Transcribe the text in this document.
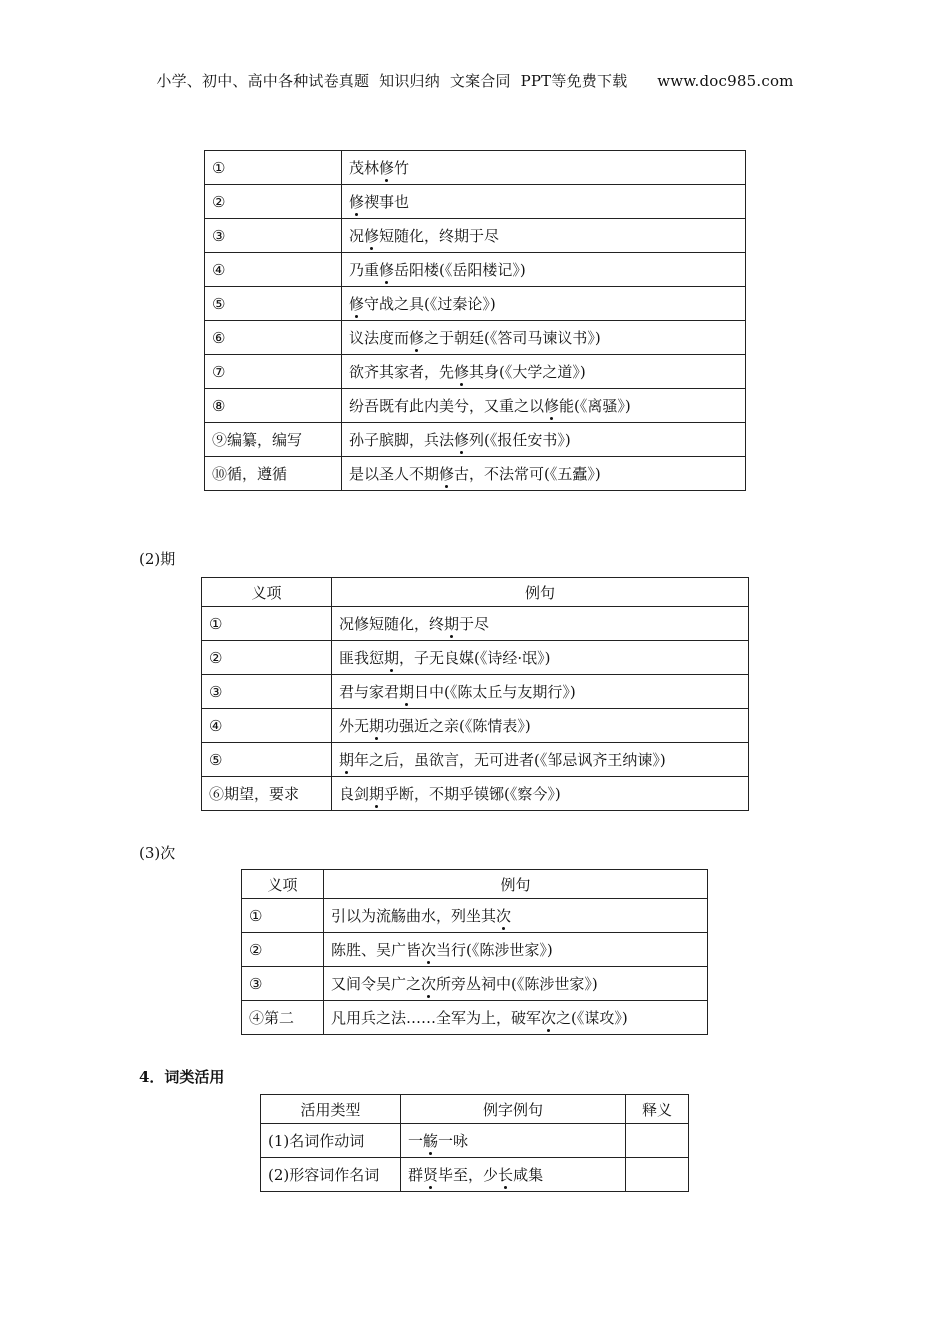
小学、初中、高中各种试卷真题  知识归纳  文案合同  PPT等免费下载      www.doc985.com
①	茂林修竹
②	修禊事也
③	况修短随化，终期于尽
④	乃重修岳阳楼(《岳阳楼记》)
⑤	修守战之具(《过秦论》)
⑥	议法度而修之于朝廷(《答司马谏议书》)
⑦	欲齐其家者，先修其身(《大学之道》)
⑧	纷吾既有此内美兮，又重之以修能(《离骚》)
⑨编纂，编写	孙子膑脚，兵法修列(《报任安书》)
⑩循，遵循	是以圣人不期修古，不法常可(《五蠹》)
(2)期
义项	例句
①	况修短随化，终期于尽
②	匪我愆期，子无良媒(《诗经·氓》)
③	君与家君期日中(《陈太丘与友期行》)
④	外无期功强近之亲(《陈情表》)
⑤	期年之后，虽欲言，无可进者(《邹忌讽齐王纳谏》)
⑥期望，要求	良剑期乎断，不期乎镆铘(《察今》)
(3)次
义项	例句
①	引以为流觞曲水，列坐其次
②	陈胜、吴广皆次当行(《陈涉世家》)
③	又间令吴广之次所旁丛祠中(《陈涉世家》)
④第二	凡用兵之法……全军为上，破军次之(《谋攻》)
4．词类活用
活用类型	例字例句	释义
(1)名词作动词	一觞一咏	
(2)形容词作名词	群贤毕至，少长咸集	
